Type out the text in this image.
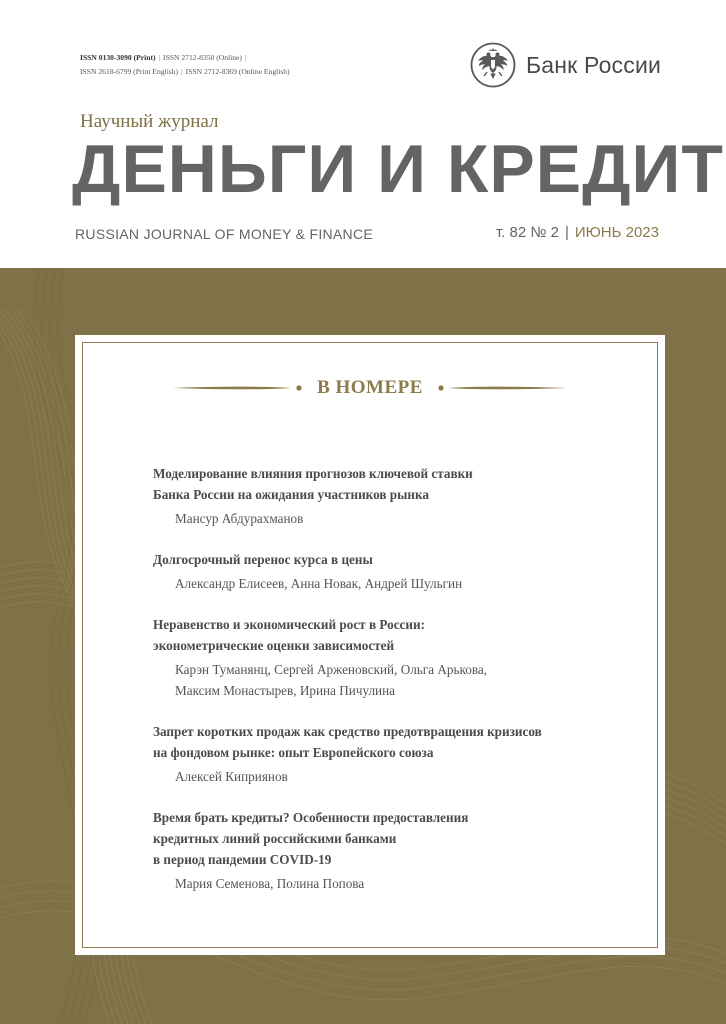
ISSN 0130-3090 (Print) | ISSN 2712-8350 (Online) |
ISSN 2618-6799 (Print English) | ISSN 2712-8369 (Online English)	Банк России
Научный журнал
ДЕНЬГИ И КРЕДИТ
RUSSIAN JOURNAL OF MONEY & FINANCE	т. 82 № 2 | ИЮНЬ 2023
В НОМЕРЕ
Моделирование влияния прогнозов ключевой ставки
Банка России на ожидания участников рынка
Мансур Абдурахманов
Долгосрочный перенос курса в цены
Александр Елисеев, Анна Новак, Андрей Шульгин
Неравенство и экономический рост в России:
эконометрические оценки зависимостей
Карэн Туманянц, Сергей Арженовский, Ольга Арькова,
Максим Монастырев, Ирина Пичулина
Запрет коротких продаж как средство предотвращения кризисов
на фондовом рынке: опыт Европейского союза
Алексей Киприянов
Время брать кредиты? Особенности предоставления
кредитных линий российскими банками
в период пандемии COVID-19
Мария Семенова, Полина Попова
